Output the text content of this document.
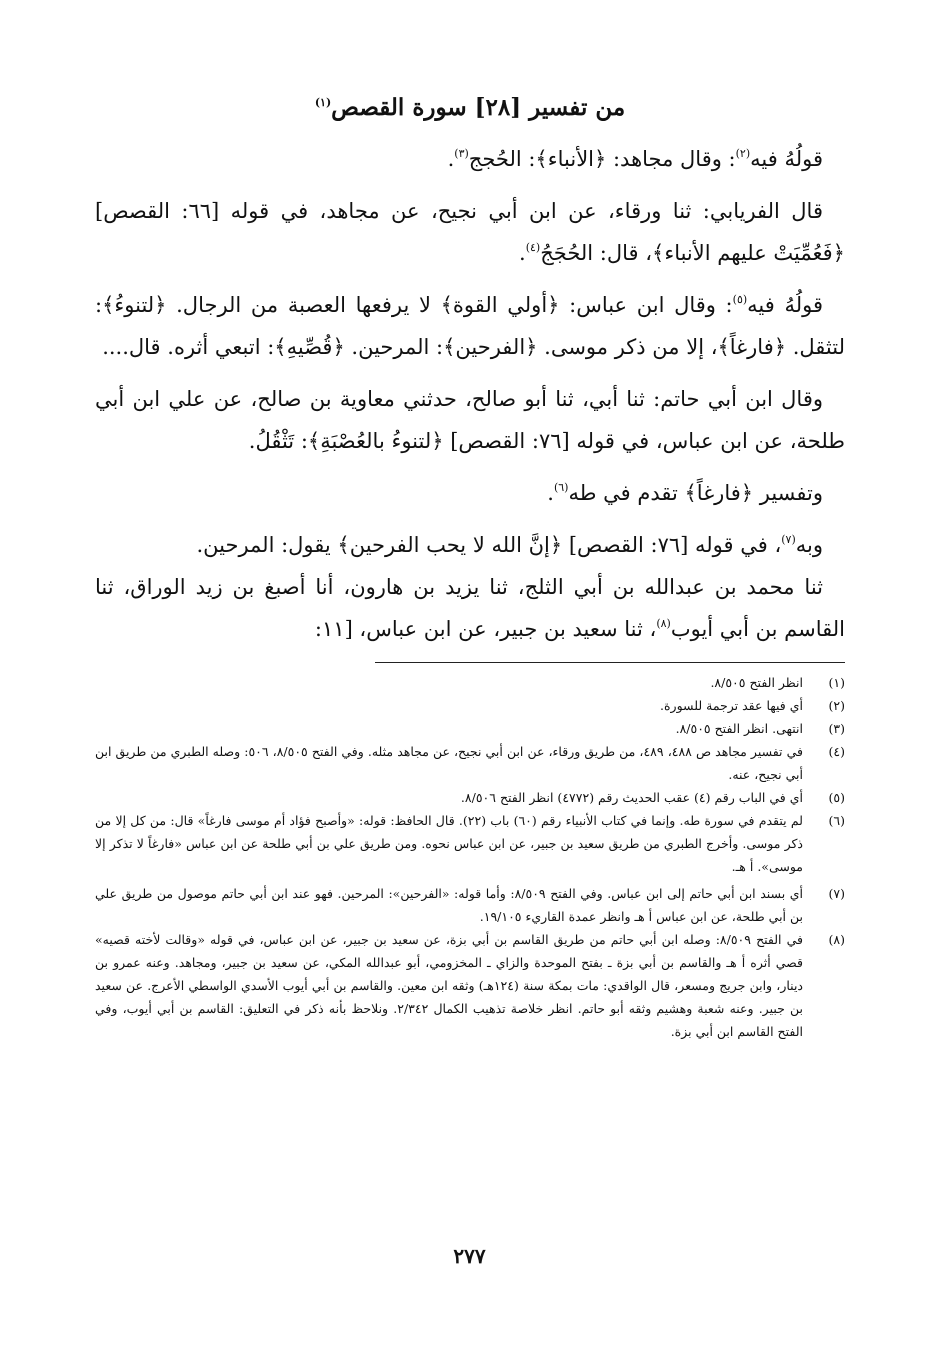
من تفسير [٢٨] سورة القصص$^{(١)}$

قولُهُ فيه$^{(٢)}$: وقال مجاهد: ﴿الأنباء﴾: الحُجج$^{(٣)}$.

قال الفريابي: ثنا ورقاء، عن ابن أبي نجيح، عن مجاهد، في قوله [٦٦: القصص] ﴿فَعُمِّيَتْ عليهم الأنباء﴾، قال: الحُجَجُ$^{(٤)}$.

قولُهُ فيه$^{(٥)}$: وقال ابن عباس: ﴿أولي القوة﴾ لا يرفعها العصبة من الرجال. ﴿لتنوءُ﴾: لتثقل. ﴿فارغاً﴾، إلا من ذكر موسى. ﴿الفرحين﴾: المرحين. ﴿قُصِّيهِ﴾: اتبعي أثره. قال....

وقال ابن أبي حاتم: ثنا أبي، ثنا أبو صالح، حدثني معاوية بن صالح، عن علي ابن أبي طلحة، عن ابن عباس، في قوله [٧٦: القصص] ﴿لتنوءُ بالعُصْبَةِ﴾: تَثْقُلُ.

وتفسير ﴿فارغاً﴾ تقدم في طه$^{(٦)}$.

وبه$^{(٧)}$، في قوله [٧٦: القصص] ﴿إنَّ الله لا يحب الفرحين﴾ يقول: المرحين.

ثنا محمد بن عبدالله بن أبي الثلج، ثنا يزيد بن هارون، أنا أصبغ بن زيد الوراق، ثنا القاسم بن أبي أيوب$^{(٨)}$، ثنا سعيد بن جبير، عن ابن عباس، [١١:

(١)
انظر الفتح ٨/٥٠٥.
(٢)
أي فيها عقد ترجمة للسورة.
(٣)
انتهى. انظر الفتح ٨/٥٠٥.
(٤)
في تفسير مجاهد ص ٤٨٨، ٤٨٩، من طريق ورقاء، عن ابن أبي نجيح، عن مجاهد مثله. وفي الفتح ٨/٥٠٥، ٥٠٦: وصله الطبري من طريق ابن أبي نجيح، عنه.
(٥)
أي في الباب رقم (٤) عقب الحديث رقم (٤٧٧٢) انظر الفتح ٨/٥٠٦.
(٦)
لم يتقدم في سورة طه. وإنما في كتاب الأنبياء رقم (٦٠) باب (٢٢). قال الحافظ: قوله: «وأصبح فؤاد أم موسى فارغاً» قال: من كل إلا من ذكر موسى. وأخرج الطبري من طريق سعيد بن جبير، عن ابن عباس نحوه. ومن طريق علي بن أبي طلحة عن ابن عباس «فارغاً لا تذكر إلا موسى». أ هـ.
(٧)
أي بسند ابن أبي حاتم إلى ابن عباس. وفي الفتح ٨/٥٠٩: وأما قوله: «الفرحين»: المرحين. فهو عند ابن أبي حاتم موصول من طريق علي بن أبي طلحة، عن ابن عباس أ هـ وانظر عمدة القاريء ١٩/١٠٥.
(٨)
في الفتح ٨/٥٠٩: وصله ابن أبي حاتم من طريق القاسم بن أبي بزة، عن سعيد بن جبير، عن ابن عباس، في قوله «وقالت لأخته قصيه» قصي أثره أ هـ والقاسم بن أبي بزة ـ بفتح الموحدة والزاي ـ المخزومي، أبو عبدالله المكي، عن سعيد بن جبير، ومجاهد. وعنه عمرو بن دينار، وابن جريج ومسعر، قال الواقدي: مات بمكة سنة (١٢٤هـ) وثقه ابن معين. والقاسم بن أبي أيوب الأسدي الواسطي الأعرج. عن سعيد بن جبير. وعنه شعبة وهشيم وثقه أبو حاتم. انظر خلاصة تذهيب الكمال ٢/٣٤٢. ونلاحظ بأنه ذكر في التعليق: القاسم بن أبي أيوب، وفي الفتح القاسم ابن أبي بزة.
٢٧٧
